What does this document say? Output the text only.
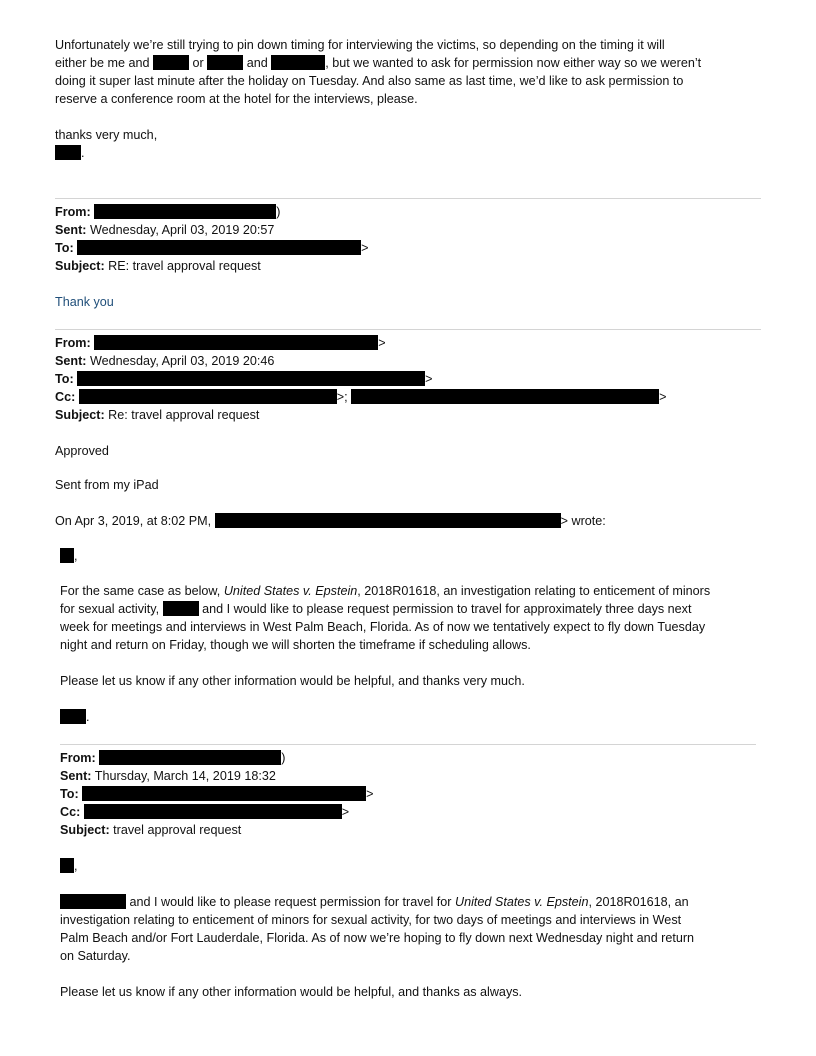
Unfortunately we’re still trying to pin down timing for interviewing the victims, so depending on the timing it will
either be me and	or	and	, but we wanted to ask for permission now either way so we weren’t
doing it super last minute after the holiday on Tuesday. And also same as last time, we’d like to ask permission to
reserve a conference room at the hotel for the interviews, please.
thanks very much,
.
From:	)
Sent: Wednesday, April 03, 2019 20:57
To:	>
Subject: RE: travel approval request
Thank you
From:	>
Sent: Wednesday, April 03, 2019 20:46
To:	>
Cc:	>;	>
Subject: Re: travel approval request
Approved
Sent from my iPad
On Apr 3, 2019, at 8:02 PM,	> wrote:
,
For the same case as below, United States v. Epstein, 2018R01618, an investigation relating to enticement of minors
for sexual activity,	and I would like to please request permission to travel for approximately three days next
week for meetings and interviews in West Palm Beach, Florida. As of now we tentatively expect to fly down Tuesday
night and return on Friday, though we will shorten the timeframe if scheduling allows.
Please let us know if any other information would be helpful, and thanks very much.
.
From:	)
Sent: Thursday, March 14, 2019 18:32
To:	>
Cc:	>
Subject: travel approval request
,
and I would like to please request permission for travel for United States v. Epstein, 2018R01618, an
investigation relating to enticement of minors for sexual activity, for two days of meetings and interviews in West
Palm Beach and/or Fort Lauderdale, Florida. As of now we’re hoping to fly down next Wednesday night and return
on Saturday.
Please let us know if any other information would be helpful, and thanks as always.
